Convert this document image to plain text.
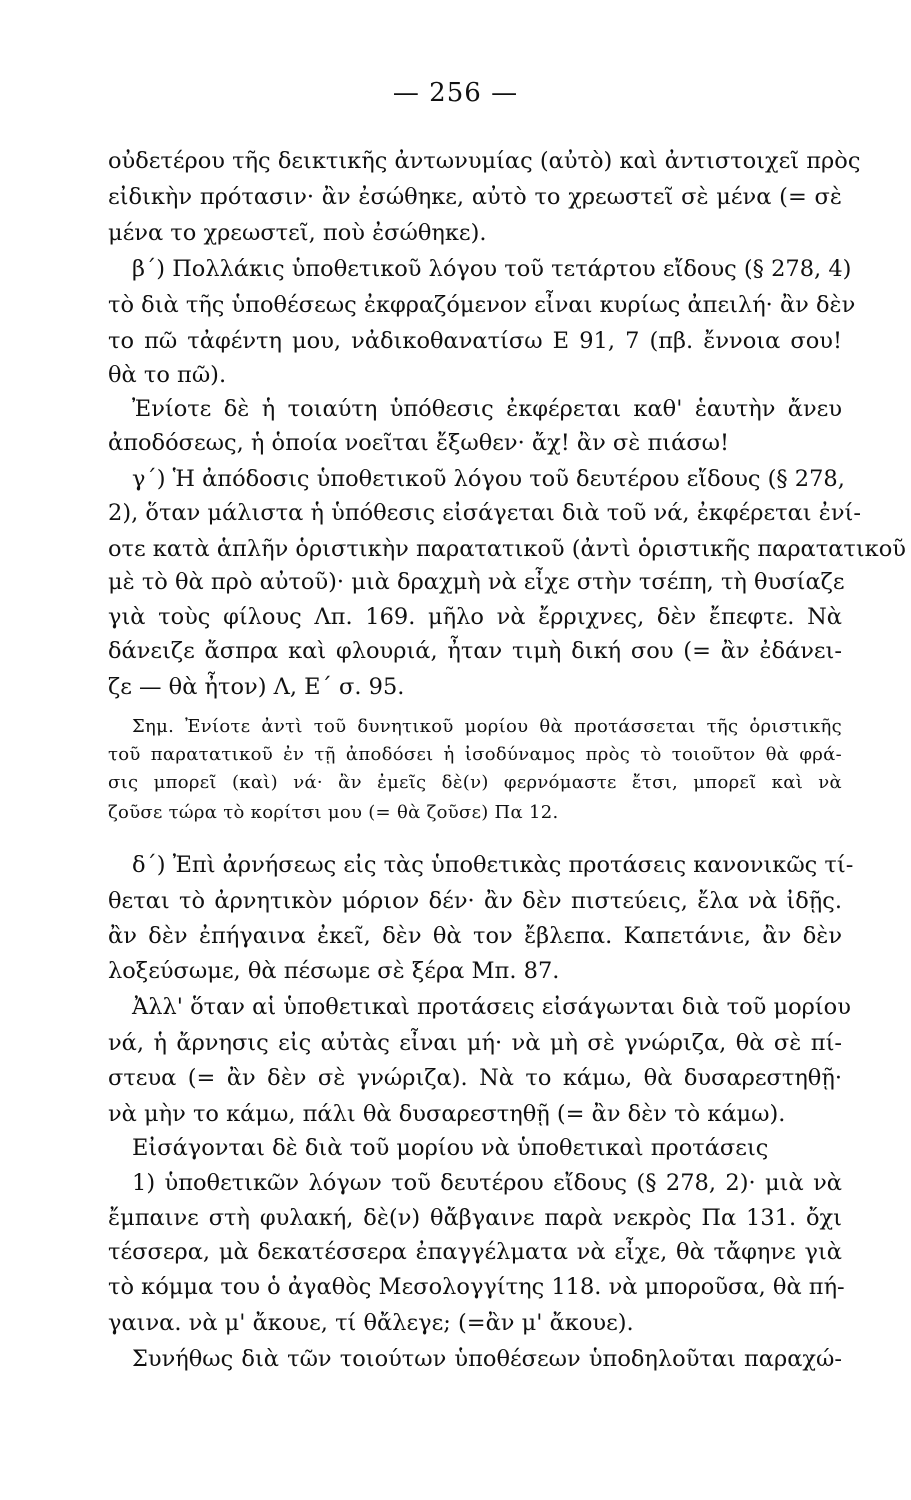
— 256 —
οὐδετέρου τῆς δεικτικῆς ἀντωνυμίας (αὐτὸ) καὶ ἀντιστοιχεῖ πρὸς
εἰδικὴν πρότασιν· ἂν ἐσώθηκε, αὐτὸ το χρεωστεῖ σὲ μένα (= σὲ
μένα το χρεωστεῖ, ποὺ ἐσώθηκε).
β´) Πολλάκις ὑποθετικοῦ λόγου τοῦ τετάρτου εἴδους (§ 278, 4)
τὸ διὰ τῆς ὑποθέσεως ἐκφραζόμενον εἶναι κυρίως ἀπειλή· ἂν δὲν
το πῶ τἀφέντη μου, νἀδικοθανατίσω Ε 91, 7 (πβ. ἔννοια σου!
θὰ το πῶ).
Ἐνίοτε δὲ ἡ τοιαύτη ὑπόθεσις ἐκφέρεται καθ' ἑαυτὴν ἄνευ
ἀποδόσεως, ἡ ὁποία νοεῖται ἔξωθεν· ἄχ! ἂν σὲ πιάσω!
γ´) Ἡ ἀπόδοσις ὑποθετικοῦ λόγου τοῦ δευτέρου εἴδους (§ 278,
2), ὅταν μάλιστα ἡ ὑπόθεσις εἰσάγεται διὰ τοῦ νά, ἐκφέρεται ἐνί-
οτε κατὰ ἁπλῆν ὁριστικὴν παρατατικοῦ (ἀντὶ ὁριστικῆς παρατατικοῦ
μὲ τὸ θὰ πρὸ αὐτοῦ)· μιὰ δραχμὴ νὰ εἶχε στὴν τσέπη, τὴ θυσίαζε
γιὰ τοὺς φίλους Λπ. 169. μῆλο νὰ ἔρριχνες, δὲν ἔπεφτε. Νὰ
δάνειζε ἄσπρα καὶ φλουριά, ἦταν τιμὴ δική σου (= ἂν ἐδάνει-
ζε — θὰ ἦτον) Λ, Ε´ σ. 95.
Σημ. Ἐνίοτε ἀντὶ τοῦ δυνητικοῦ μορίου θὰ προτάσσεται τῆς ὁριστικῆς
τοῦ παρατατικοῦ ἐν τῇ ἀποδόσει ἡ ἰσοδύναμος πρὸς τὸ τοιοῦτον θὰ φρά-
σις μπορεῖ (καὶ) νά· ἂν ἐμεῖς δὲ(ν) φερνόμαστε ἔτσι, μπορεῖ καὶ νὰ
ζοῦσε τώρα τὸ κορίτσι μου (= θὰ ζοῦσε) Πα 12.
δ´) Ἐπὶ ἀρνήσεως εἰς τὰς ὑποθετικὰς προτάσεις κανονικῶς τί-
θεται τὸ ἀρνητικὸν μόριον δέν· ἂν δὲν πιστεύεις, ἔλα νὰ ἰδῇς.
ἂν δὲν ἐπήγαινα ἐκεῖ, δὲν θὰ τον ἔβλεπα. Καπετάνιε, ἂν δὲν
λοξεύσωμε, θὰ πέσωμε σὲ ξέρα Μπ. 87.
Ἀλλ' ὅταν αἱ ὑποθετικαὶ προτάσεις εἰσάγωνται διὰ τοῦ μορίου
νά, ἡ ἄρνησις εἰς αὐτὰς εἶναι μή· νὰ μὴ σὲ γνώριζα, θὰ σὲ πί-
στευα (= ἂν δὲν σὲ γνώριζα). Νὰ το κάμω, θὰ δυσαρεστηθῇ·
νὰ μὴν το κάμω, πάλι θὰ δυσαρεστηθῇ (= ἂν δὲν τὸ κάμω).
Εἰσάγονται δὲ διὰ τοῦ μορίου νὰ ὑποθετικαὶ προτάσεις
1) ὑποθετικῶν λόγων τοῦ δευτέρου εἴδους (§ 278, 2)· μιὰ νὰ
ἔμπαινε στὴ φυλακή, δὲ(ν) θἄβγαινε παρὰ νεκρὸς Πα 131. ὄχι
τέσσερα, μὰ δεκατέσσερα ἐπαγγέλματα νὰ εἶχε, θὰ τἄφηνε γιὰ
τὸ κόμμα του ὁ ἀγαθὸς Μεσολογγίτης 118. νὰ μποροῦσα, θὰ πή-
γαινα. νὰ μ' ἄκουε, τί θἄλεγε; (=ἂν μ' ἄκουε).
Συνήθως διὰ τῶν τοιούτων ὑποθέσεων ὑποδηλοῦται παραχώ-
